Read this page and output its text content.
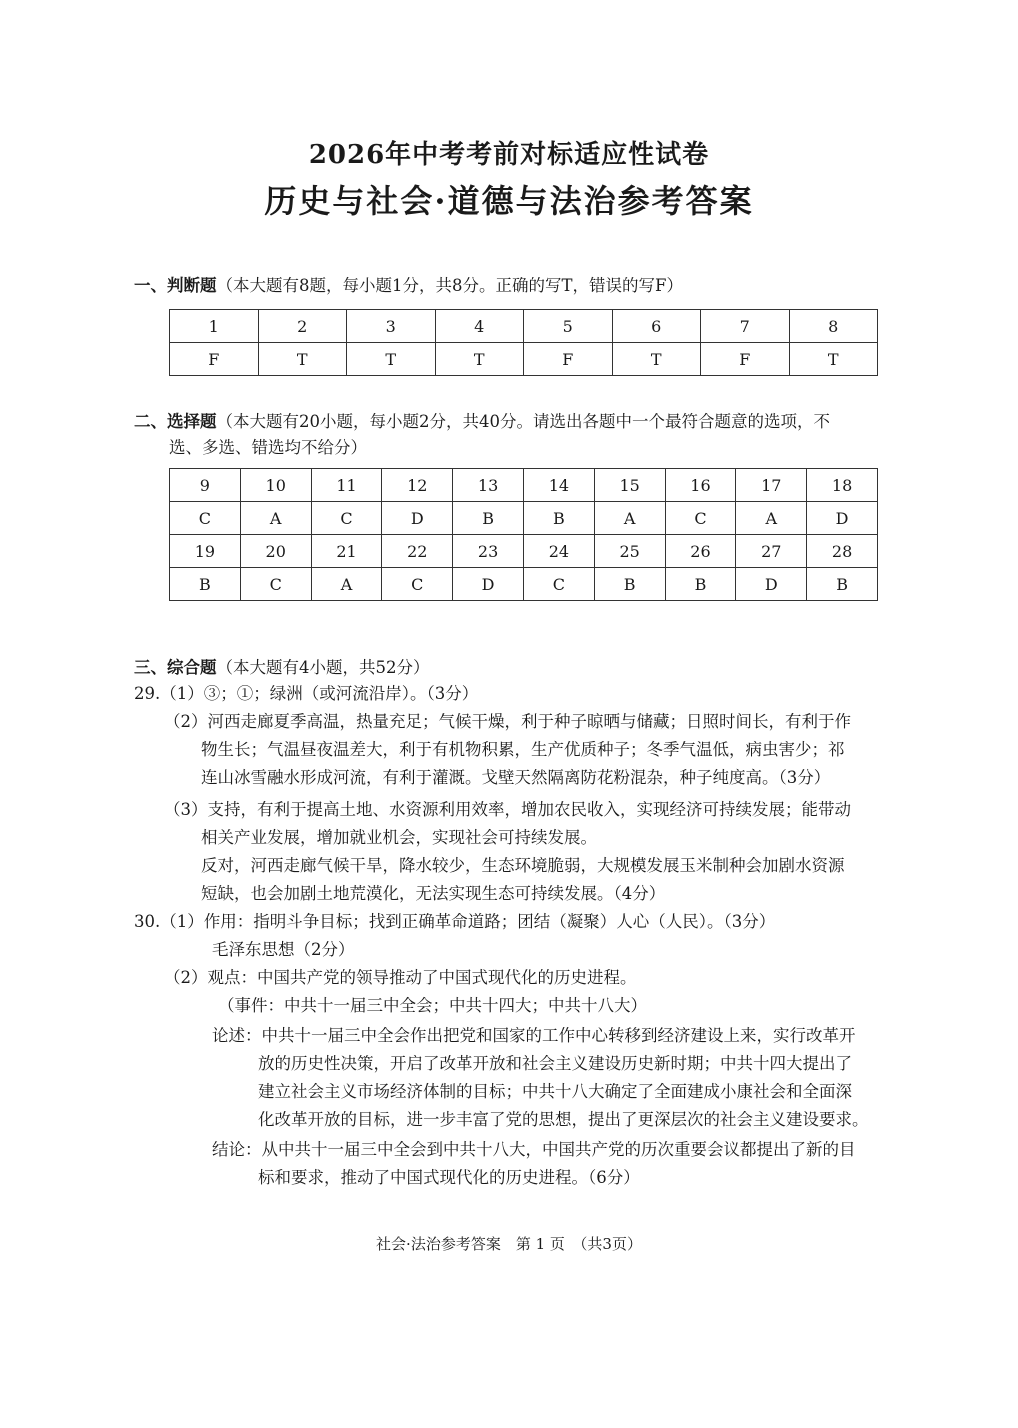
2026年中考考前对标适应性试卷
历史与社会·道德与法治参考答案
一、判断题（本大题有8题，每小题1分，共8分。正确的写T，错误的写F）
1	2	3	4	5	6	7	8
F	T	T	T	F	T	F	T
二、选择题（本大题有20小题，每小题2分，共40分。请选出各题中一个最符合题意的选项，不
选、多选、错选均不给分）
9	10	11	12	13	14	15	16	17	18
C	A	C	D	B	B	A	C	A	D
19	20	21	22	23	24	25	26	27	28
B	C	A	C	D	C	B	B	D	B
三、综合题（本大题有4小题，共52分）
29.（1）③；①；绿洲（或河流沿岸）。（3分）
（2）河西走廊夏季高温，热量充足；气候干燥，利于种子晾晒与储藏；日照时间长，有利于作
物生长；气温昼夜温差大，利于有机物积累，生产优质种子；冬季气温低，病虫害少；祁
连山冰雪融水形成河流，有利于灌溉。戈壁天然隔离防花粉混杂，种子纯度高。（3分）
（3）支持，有利于提高土地、水资源利用效率，增加农民收入，实现经济可持续发展；能带动
相关产业发展，增加就业机会，实现社会可持续发展。
反对，河西走廊气候干旱，降水较少，生态环境脆弱，大规模发展玉米制种会加剧水资源
短缺，也会加剧土地荒漠化，无法实现生态可持续发展。（4分）
30.（1）作用：指明斗争目标；找到正确革命道路；团结（凝聚）人心（人民）。（3分）
毛泽东思想（2分）
（2）观点：中国共产党的领导推动了中国式现代化的历史进程。
（事件：中共十一届三中全会；中共十四大；中共十八大）
论述：中共十一届三中全会作出把党和国家的工作中心转移到经济建设上来，实行改革开
放的历史性决策，开启了改革开放和社会主义建设历史新时期；中共十四大提出了
建立社会主义市场经济体制的目标；中共十八大确定了全面建成小康社会和全面深
化改革开放的目标，进一步丰富了党的思想，提出了更深层次的社会主义建设要求。
结论：从中共十一届三中全会到中共十八大，中国共产党的历次重要会议都提出了新的目
标和要求，推动了中国式现代化的历史进程。（6分）
社会·法治参考答案　第 1 页　（共3页）
